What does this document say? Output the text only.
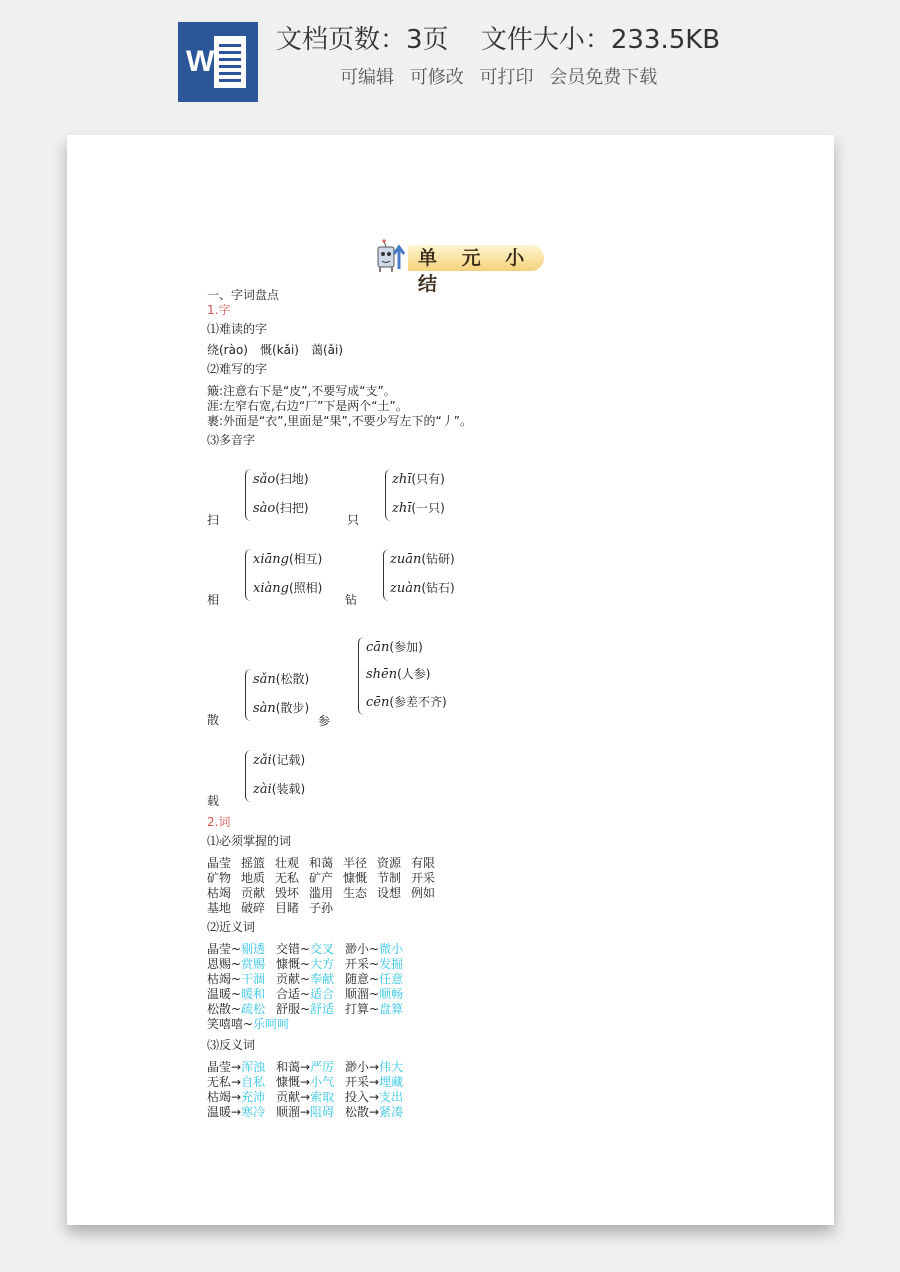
W
文档页数：3页 文件大小：233.5KB
可编辑 可修改 可打印 会员免费下载
单 元 小 结
一、字词盘点
1.字
⑴难读的字
绕(rào)　慨(kǎi)　蔼(ǎi)
⑵难写的字
簸:注意右下是“皮”,不要写成“支”。
涯:左窄右宽,右边“厂”下是两个“土”。
裹:外面是“衣”,里面是“果”,不要少写左下的“丿”。
⑶多音字
扫
sǎo(扫地)
sào(扫把)
只
zhī(只有)
zhī(一只)
相
xiāng(相互)
xiàng(照相)
钻
zuān(钻研)
zuàn(钻石)
散
sǎn(松散)
sàn(散步)
参
cān(参加)
shēn(人参)
cēn(参差不齐)
载
zǎi(记载)
zài(装载)
2.词
⑴必须掌握的词
晶莹 摇篮 壮观 和蔼 半径 资源 有限
矿物 地质 无私 矿产 慷慨 节制 开采
枯竭 贡献 毁坏 滥用 生态 设想 例如
基地 破碎 目睹 子孙
⑵近义词
晶莹~剔透 交错~交叉 渺小~微小
恩赐~赏赐 慷慨~大方 开采~发掘
枯竭~干涸 贡献~奉献 随意~任意
温暖~暖和 合适~适合 顺溜~顺畅
松散~疏松 舒服~舒适 打算~盘算
笑嘻嘻~乐呵呵
⑶反义词
晶莹→浑浊 和蔼→严厉 渺小→伟大
无私→自私 慷慨→小气 开采→埋藏
枯竭→充沛 贡献→索取 投入→支出
温暖→寒冷 顺溜→阻碍 松散→紧凑
